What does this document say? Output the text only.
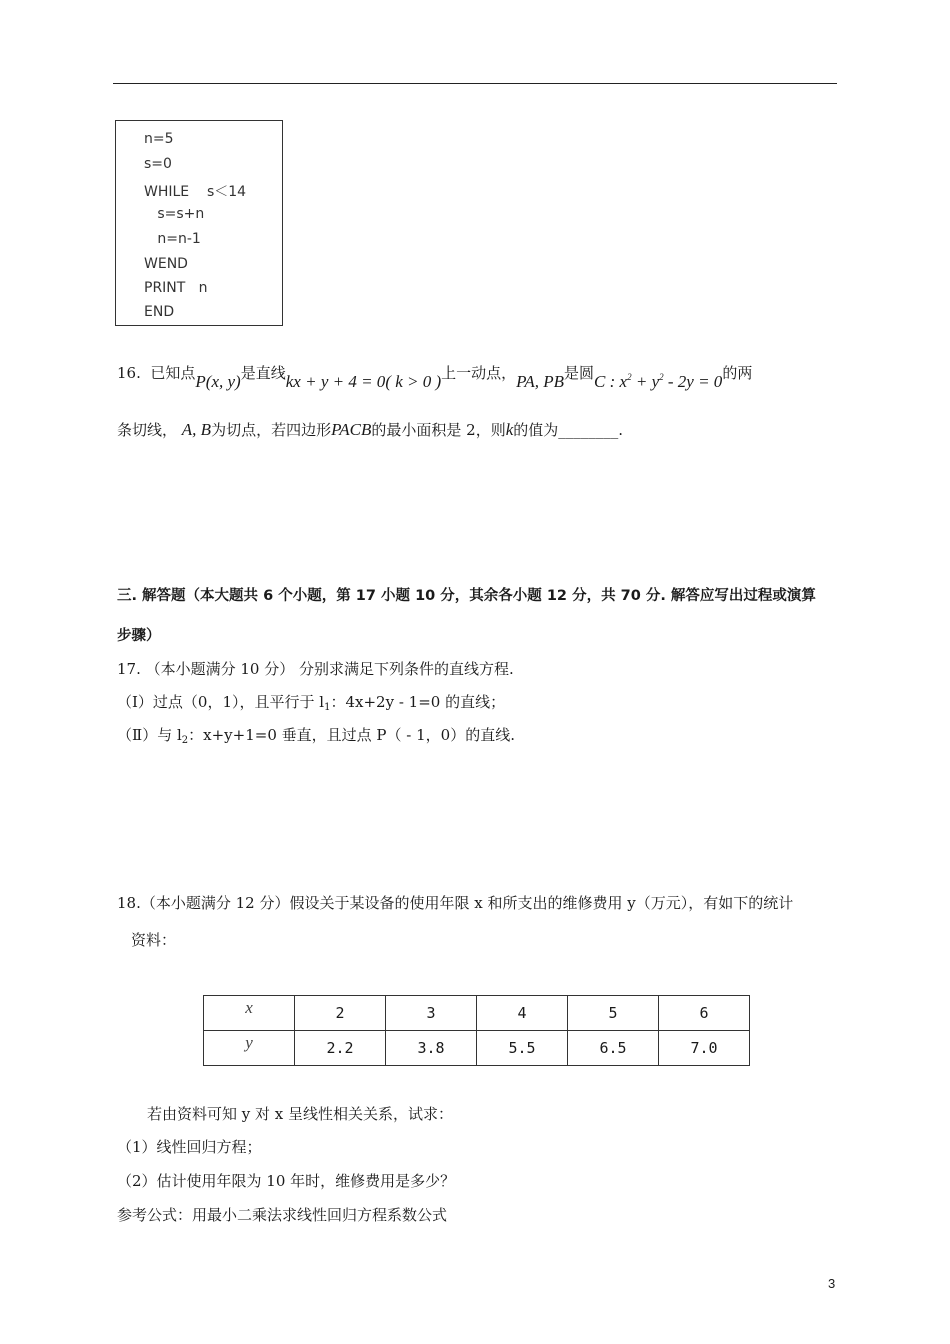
n=5
s=0
WHILE    s＜14
s=s+n
n=n-1
WEND
PRINT   n
END
16. 已知点P(x, y)是直线kx + y + 4 = 0( k > 0 )上一动点，PA, PB是圆C : $x^2 + y^2 - 2y = 0$的两
条切线， A, B为切点，若四边形PACB的最小面积是 2，则k的值为________.
三. 解答题（本大题共 6 个小题，第 17 小题 10 分，其余各小题 12 分，共 70 分. 解答应写出过程或演算
步骤）
17. （本小题满分 10 分） 分别求满足下列条件的直线方程.
（Ⅰ）过点（0，1），且平行于 $l_1$：4x+2y - 1=0 的直线；
（Ⅱ）与 $l_2$：x+y+1=0 垂直，且过点 P（ - 1，0）的直线.
18.（本小题满分 12 分）假设关于某设备的使用年限 x 和所支出的维修费用 y（万元），有如下的统计
资料：
x	2	3	4	5	6
y	2.2	3.8	5.5	6.5	7.0
若由资料可知 y 对 x 呈线性相关关系，试求：
（1）线性回归方程；
（2）估计使用年限为 10 年时，维修费用是多少？
参考公式：用最小二乘法求线性回归方程系数公式
3
